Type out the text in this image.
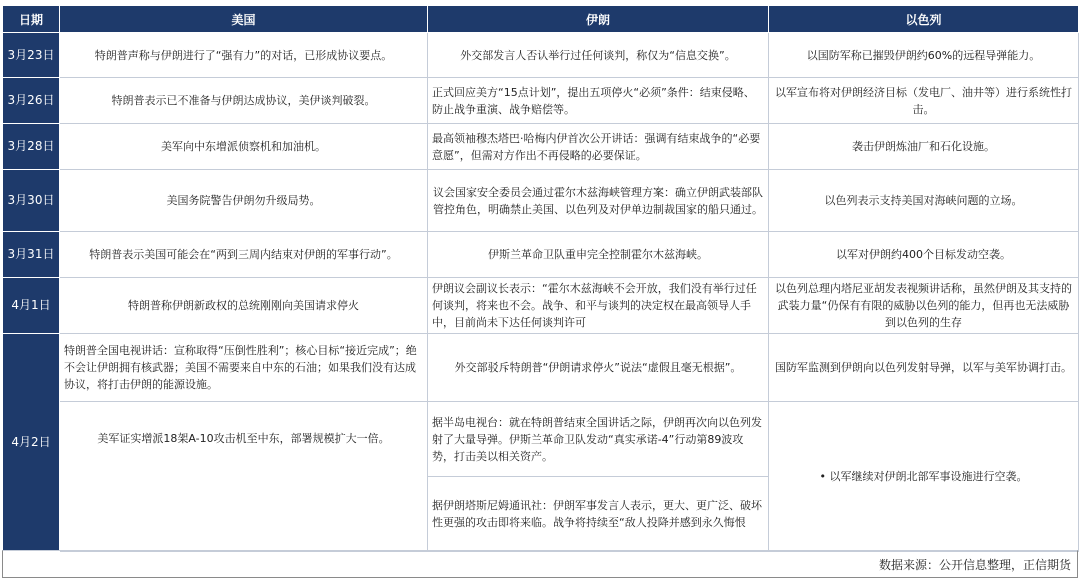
日期	美国	伊朗	以色列
3月23日	特朗普声称与伊朗进行了“强有力”的对话，已形成协议要点。	外交部发言人否认举行过任何谈判，称仅为“信息交换”。	以国防军称已摧毁伊朗约60%的远程导弹能力。
3月26日	特朗普表示已不准备与伊朗达成协议，美伊谈判破裂。	正式回应美方“15点计划”，提出五项停火“必须”条件：结束侵略、防止战争重演、战争赔偿等。	以军宣布将对伊朗经济目标（发电厂、油井等）进行系统性打击。
3月28日	美军向中东增派侦察机和加油机。	最高领袖穆杰塔巴·哈梅内伊首次公开讲话：强调有结束战争的“必要意愿”，但需对方作出不再侵略的必要保证。	袭击伊朗炼油厂和石化设施。
3月30日	美国务院警告伊朗勿升级局势。	议会国家安全委员会通过霍尔木兹海峡管理方案：确立伊朗武装部队管控角色，明确禁止美国、以色列及对伊单边制裁国家的船只通过。	以色列表示支持美国对海峡问题的立场。
3月31日	特朗普表示美国可能会在“两到三周内结束对伊朗的军事行动”。	伊斯兰革命卫队重申完全控制霍尔木兹海峡。	以军对伊朗约400个目标发动空袭。
4月1日	特朗普称伊朗新政权的总统刚刚向美国请求停火	伊朗议会副议长表示：“霍尔木兹海峡不会开放，我们没有举行过任何谈判，将来也不会。战争、和平与谈判的决定权在最高领导人手中，目前尚未下达任何谈判许可	以色列总理内塔尼亚胡发表视频讲话称，虽然伊朗及其支持的武装力量“仍保有有限的威胁以色列的能力，但再也无法威胁到以色列的生存
4月2日	特朗普全国电视讲话：宣称取得“压倒性胜利”；核心目标“接近完成”；绝不会让伊朗拥有核武器；美国不需要来自中东的石油；如果我们没有达成协议，将打击伊朗的能源设施。	外交部驳斥特朗普“伊朗请求停火”说法“虚假且毫无根据”。	国防军监测到伊朗向以色列发射导弹，以军与美军协调打击。
	美军证实增派18架A-10攻击机至中东，部署规模扩大一倍。	据半岛电视台：就在特朗普结束全国讲话之际，伊朗再次向以色列发射了大量导弹。伊斯兰革命卫队发动“真实承诺-4”行动第89波攻势，打击美以相关资产。	• 以军继续对伊朗北部军事设施进行空袭。
		据伊朗塔斯尼姆通讯社：伊朗军事发言人表示，更大、更广泛、破坏性更强的攻击即将来临。战争将持续至“敌人投降并感到永久悔恨	
数据来源：公开信息整理，正信期货
